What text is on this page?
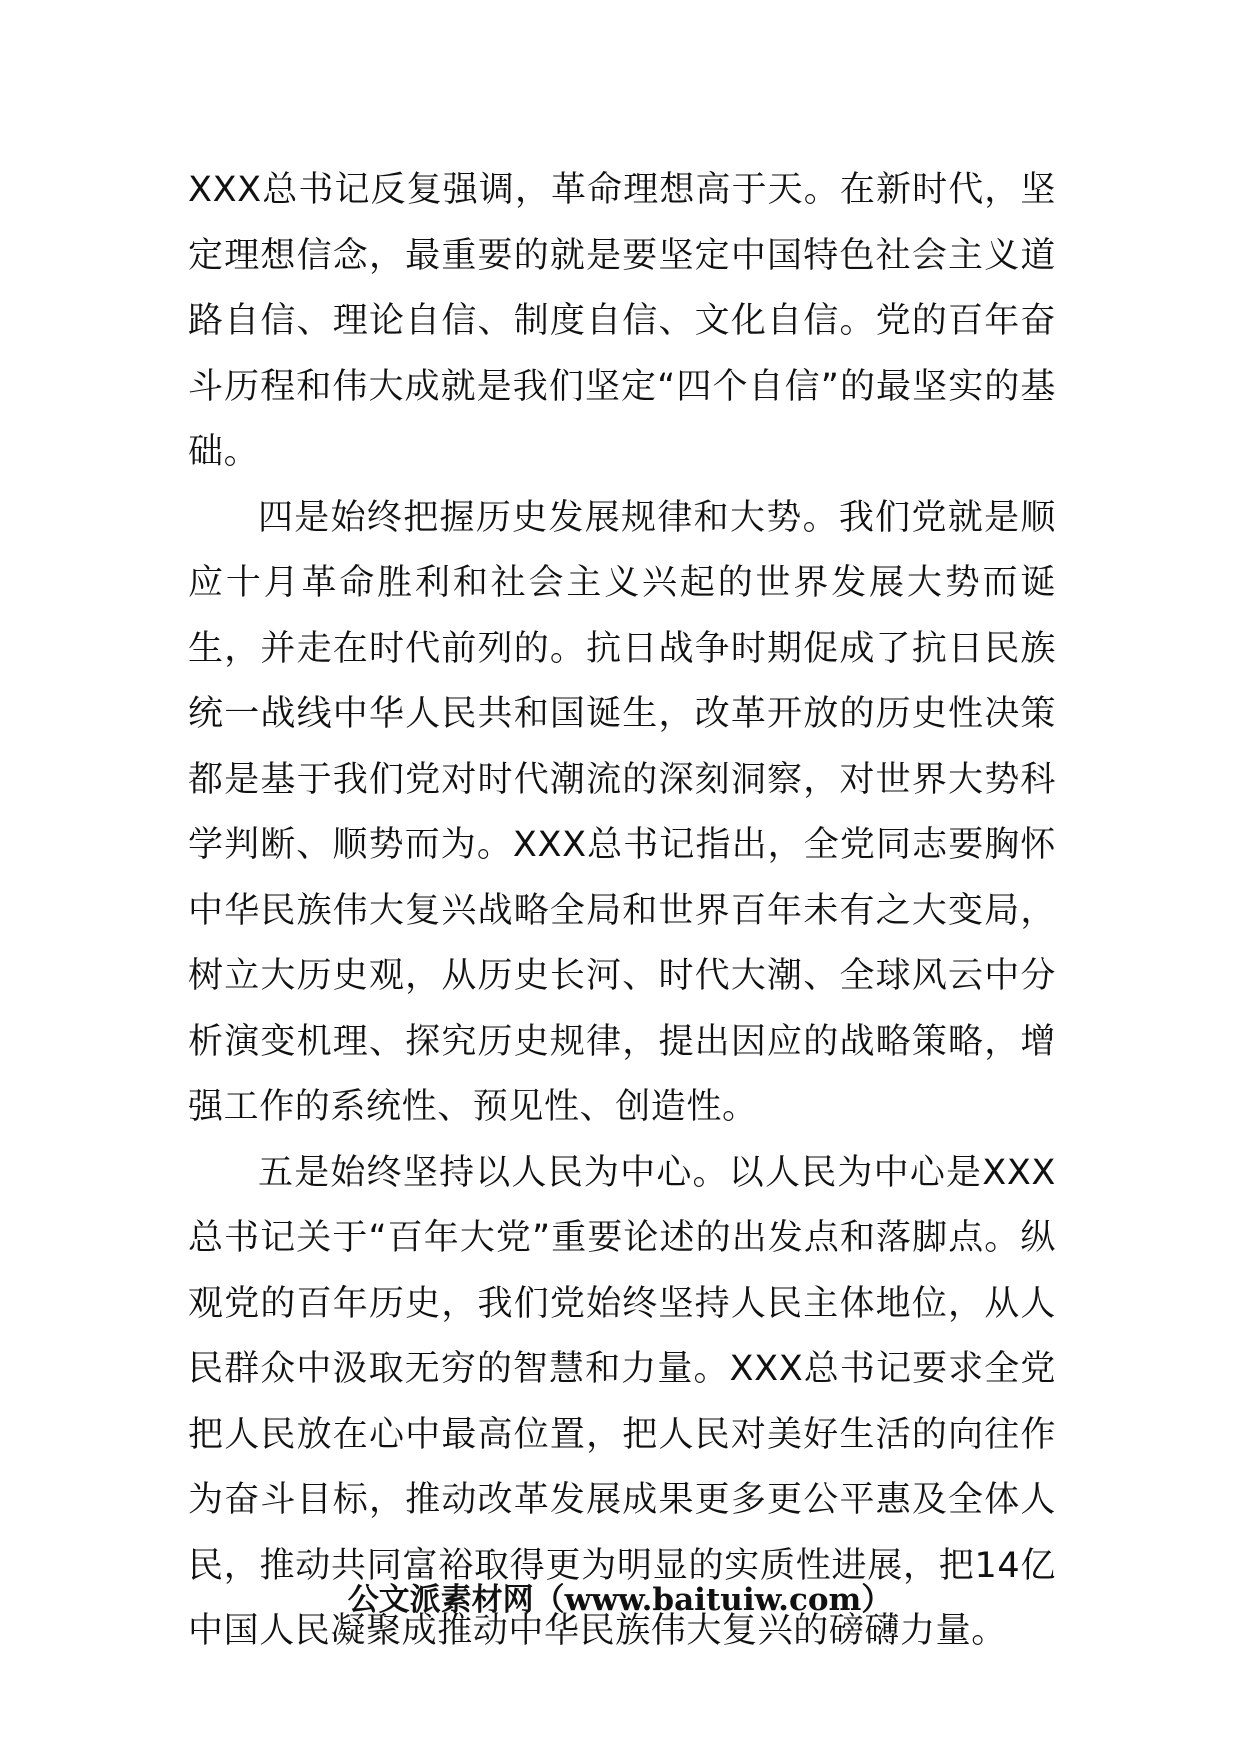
XXX总书记反复强调，革命理想高于天。在新时代，坚定理想信念，最重要的就是要坚定中国特色社会主义道路自信、理论自信、制度自信、文化自信。党的百年奋斗历程和伟大成就是我们坚定“四个自信”的最坚实的基础。

四是始终把握历史发展规律和大势。我们党就是顺应十月革命胜利和社会主义兴起的世界发展大势而诞生，并走在时代前列的。抗日战争时期促成了抗日民族统一战线中华人民共和国诞生，改革开放的历史性决策都是基于我们党对时代潮流的深刻洞察，对世界大势科学判断、顺势而为。XXX总书记指出，全党同志要胸怀中华民族伟大复兴战略全局和世界百年未有之大变局，树立大历史观，从历史长河、时代大潮、全球风云中分析演变机理、探究历史规律，提出因应的战略策略，增强工作的系统性、预见性、创造性。

五是始终坚持以人民为中心。以人民为中心是XXX总书记关于“百年大党”重要论述的出发点和落脚点。纵观党的百年历史，我们党始终坚持人民主体地位，从人民群众中汲取无穷的智慧和力量。XXX总书记要求全党把人民放在心中最高位置，把人民对美好生活的向往作为奋斗目标，推动改革发展成果更多更公平惠及全体人民，推动共同富裕取得更为明显的实质性进展，把14亿中国人民凝聚成推动中华民族伟大复兴的磅礴力量。

公文派素材网（www.baituiw.com）
